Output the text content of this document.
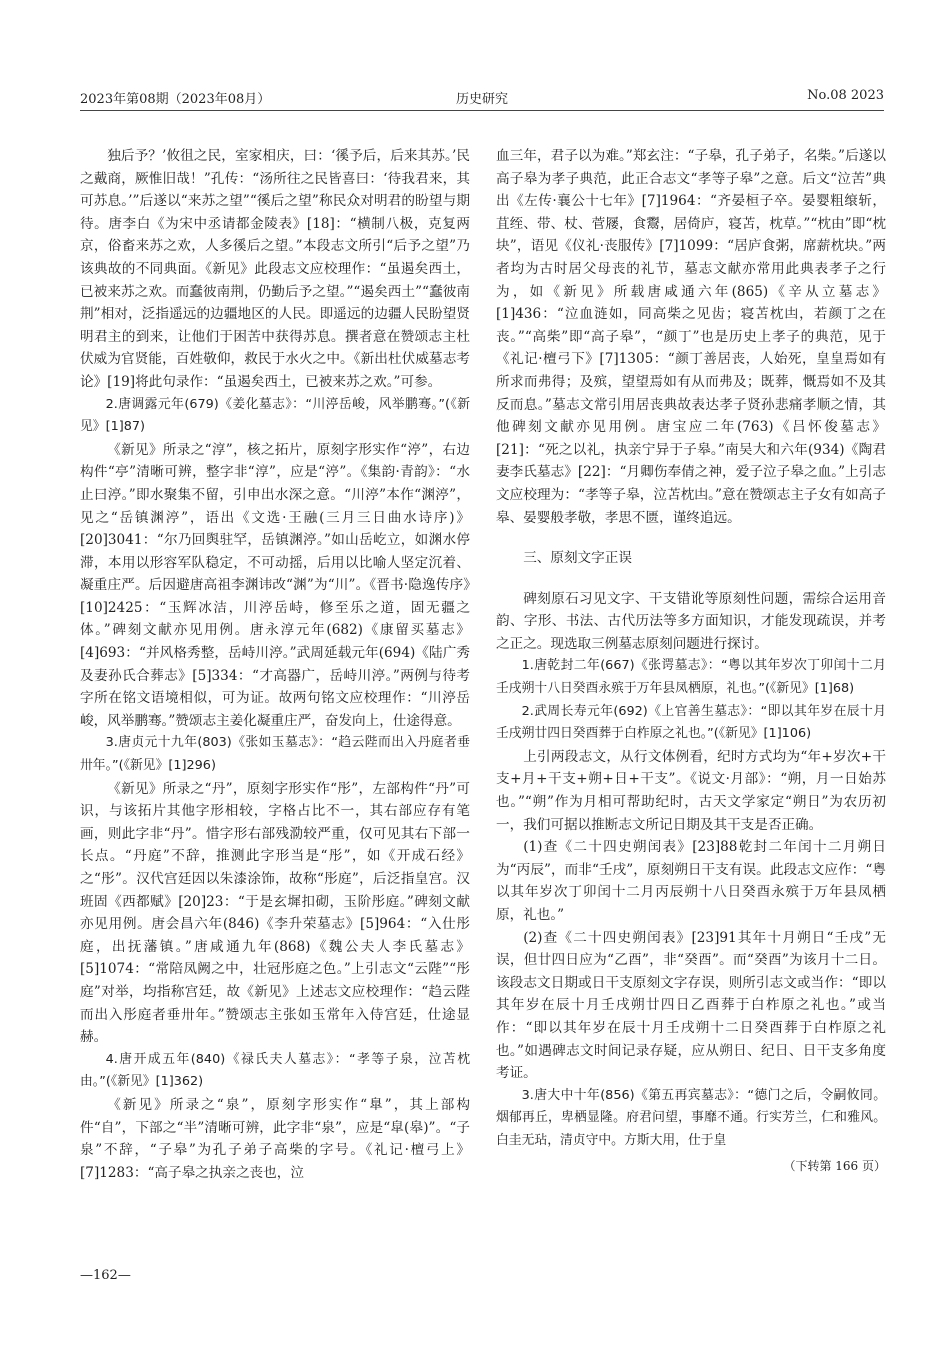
2023年第08期（2023年08月）	历史研究	No.08 2023

独后予？’攸徂之民，室家相庆，曰：‘徯予后，后来其苏。’民之戴商，厥惟旧哉！”孔传：“汤所往之民皆喜曰：‘待我君来，其可苏息。’”后遂以“来苏之望”“徯后之望”称民众对明君的盼望与期待。唐李白《为宋中丞请都金陵表》[18]：“横制八极，克复两京，俗畜来苏之欢，人多徯后之望。”本段志文所引“后予之望”乃该典故的不同典面。《新见》此段志文应校理作：“虽遏矣西土，已被来苏之欢。而蠢彼南荆，仍勤后予之望。”“遏矣西土”“蠢彼南荆”相对，泛指遥远的边疆地区的人民。即遥远的边疆人民盼望贤明君主的到来，让他们于困苦中获得苏息。撰者意在赞颂志主杜伏威为官贤能，百姓敬仰，救民于水火之中。《新出杜伏威墓志考论》[19]将此句录作：“虽遏矣西土，已被来苏之欢。”可参。

2.唐调露元年(679)《姜化墓志》：“川渟岳峻，风举鹏骞。”(《新见》[1]87)

《新见》所录之“淳”，核之拓片，原刻字形实作“渟”，右边构件“亭”清晰可辨，整字非“淳”，应是“渟”。《集韵·青韵》：“水止曰渟。”即水聚集不留，引申出水深之意。“川渟”本作“渊渟”，见之“岳镇渊渟”，语出《文选·王融(三月三日曲水诗序)》[20]3041：“尔乃回舆驻罕，岳镇渊渟。”如山岳屹立，如渊水停滞，本用以形容军队稳定，不可动摇，后用以比喻人坚定沉着、凝重庄严。后因避唐高祖李渊讳改“渊”为“川”。《晋书·隐逸传序》[10]2425：“玉辉冰洁，川渟岳峙，修至乐之道，固无疆之体。”碑刻文献亦见用例。唐永淳元年(682)《康留买墓志》[4]693：“并风格秀整，岳峙川渟。”武周延载元年(694)《陆广秀及妻孙氏合葬志》[5]334：“才高器广，岳峙川渟。”两例与待考字所在铭文语境相似，可为证。故两句铭文应校理作：“川渟岳峻，风举鹏骞。”赞颂志主姜化凝重庄严，奋发向上，仕途得意。

3.唐贞元十九年(803)《张如玉墓志》：“趋云陛而出入丹庭者垂卅年。”(《新见》[1]296)

《新见》所录之“丹”，原刻字形实作“彤”，左部构件“丹”可识，与该拓片其他字形相较，字格占比不一，其右部应存有笔画，则此字非“丹”。惜字形右部残泐较严重，仅可见其右下部一长点。“丹庭”不辞，推测此字形当是“彤”，如《开成石经》之“彤”。汉代宫廷因以朱漆涂饰，故称“彤庭”，后泛指皇宫。汉班固《西都赋》[20]23：“于是玄墀扣砌，玉阶彤庭。”碑刻文献亦见用例。唐会昌六年(846)《李升荣墓志》[5]964：“入仕彤庭，出抚藩镇。”唐咸通九年(868)《魏公夫人李氏墓志》[5]1074：“常陪凤阙之中，壮冠彤庭之色。”上引志文“云陛”“彤庭”对举，均指称宫廷，故《新见》上述志文应校理作：“趋云陛而出入彤庭者垂卅年。”赞颂志主张如玉常年入侍宫廷，仕途显赫。

4.唐开成五年(840)《禄氏夫人墓志》：“孝等子泉，泣苫枕由。”(《新见》[1]362)

《新见》所录之“泉”，原刻字形实作“臯”，其上部构件“自”，下部之“半”清晰可辨，此字非“泉”，应是“皐(皋)”。“子泉”不辞，“子皋”为孔子弟子高柴的字号。《礼记·檀弓上》[7]1283：“高子皋之执亲之丧也，泣

血三年，君子以为难。”郑玄注：“子皋，孔子弟子，名柴。”后遂以高子皋为孝子典范，此正合志文“孝等子皋”之意。后文“泣苦”典出《左传·襄公十七年》[7]1964：“齐晏桓子卒。晏婴粗缞斩，苴绖、带、杖、菅屦，食鬻，居倚庐，寝苫，枕草。”“枕由”即“枕块”，语见《仪礼·丧服传》[7]1099：“居庐食粥，席薪枕块。”两者均为古时居父母丧的礼节，墓志文献亦常用此典表孝子之行为，如《新见》所载唐咸通六年(865)《辛从立墓志》[1]436：“泣血涟如，同高柴之见齿；寝苫枕凷，若颜丁之在丧。”“高柴”即“高子皋”，“颜丁”也是历史上孝子的典范，见于《礼记·檀弓下》[7]1305：“颜丁善居丧，人始死，皇皇焉如有所求而弗得；及殡，望望焉如有从而弗及；既葬，慨焉如不及其反而息。”墓志文常引用居丧典故表达孝子贤孙悲痛孝顺之情，其他碑刻文献亦见用例。唐宝应二年(763)《吕怀俊墓志》[21]：“死之以礼，执亲宁异于子皋。”南吴大和六年(934)《陶君妻李氏墓志》[22]：“月卿伤奉倩之神，爱子泣子皋之血。”上引志文应校理为：“孝等子皋，泣苫枕凷。”意在赞颂志主子女有如高子皋、晏婴般孝敬，孝思不匮，谨终追远。

三、原刻文字正误

碑刻原石习见文字、干支错讹等原刻性问题，需综合运用音韵、字形、书法、古代历法等多方面知识，才能发现疏误，并考之正之。现选取三例墓志原刻问题进行探讨。

1.唐乾封二年(667)《张谔墓志》：“粤以其年岁次丁卯闰十二月壬戌朔十八日癸酉永殡于万年县凤栖原，礼也。”(《新见》[1]68)

2.武周长寿元年(692)《上官善生墓志》：“即以其年岁在辰十月壬戌朔廿四日癸酉葬于白柞原之礼也。”(《新见》[1]106)

上引两段志文，从行文体例看，纪时方式均为“年+岁次+干支+月+干支+朔+日+干支”。《说文·月部》：“朔，月一日始苏也。”“朔”作为月相可帮助纪时，古天文学家定“朔日”为农历初一，我们可据以推断志文所记日期及其干支是否正确。

(1)查《二十四史朔闰表》[23]88乾封二年闰十二月朔日为“丙辰”，而非“壬戌”，原刻朔日干支有误。此段志文应作：“粤以其年岁次丁卯闰十二月丙辰朔十八日癸酉永殡于万年县凤栖原，礼也。”

(2)查《二十四史朔闰表》[23]91其年十月朔日“壬戌”无误，但廿四日应为“乙酉”，非“癸酉”。而“癸酉”为该月十二日。该段志文日期或日干支原刻文字存误，则所引志文或当作：“即以其年岁在辰十月壬戌朔廿四日乙酉葬于白柞原之礼也。”或当作：“即以其年岁在辰十月壬戌朔十二日癸酉葬于白柞原之礼也。”如遇碑志文时间记录存疑，应从朔日、纪日、日干支多角度考证。

3.唐大中十年(856)《第五再宾墓志》：“德门之后，令嗣攸同。烟郁再丘，卑栖显隆。府君问望，事靡不通。行实芳兰，仁和雅风。白圭无玷，清贞守中。方斯大用，仕于皇

（下转第 166 页）

—162—
